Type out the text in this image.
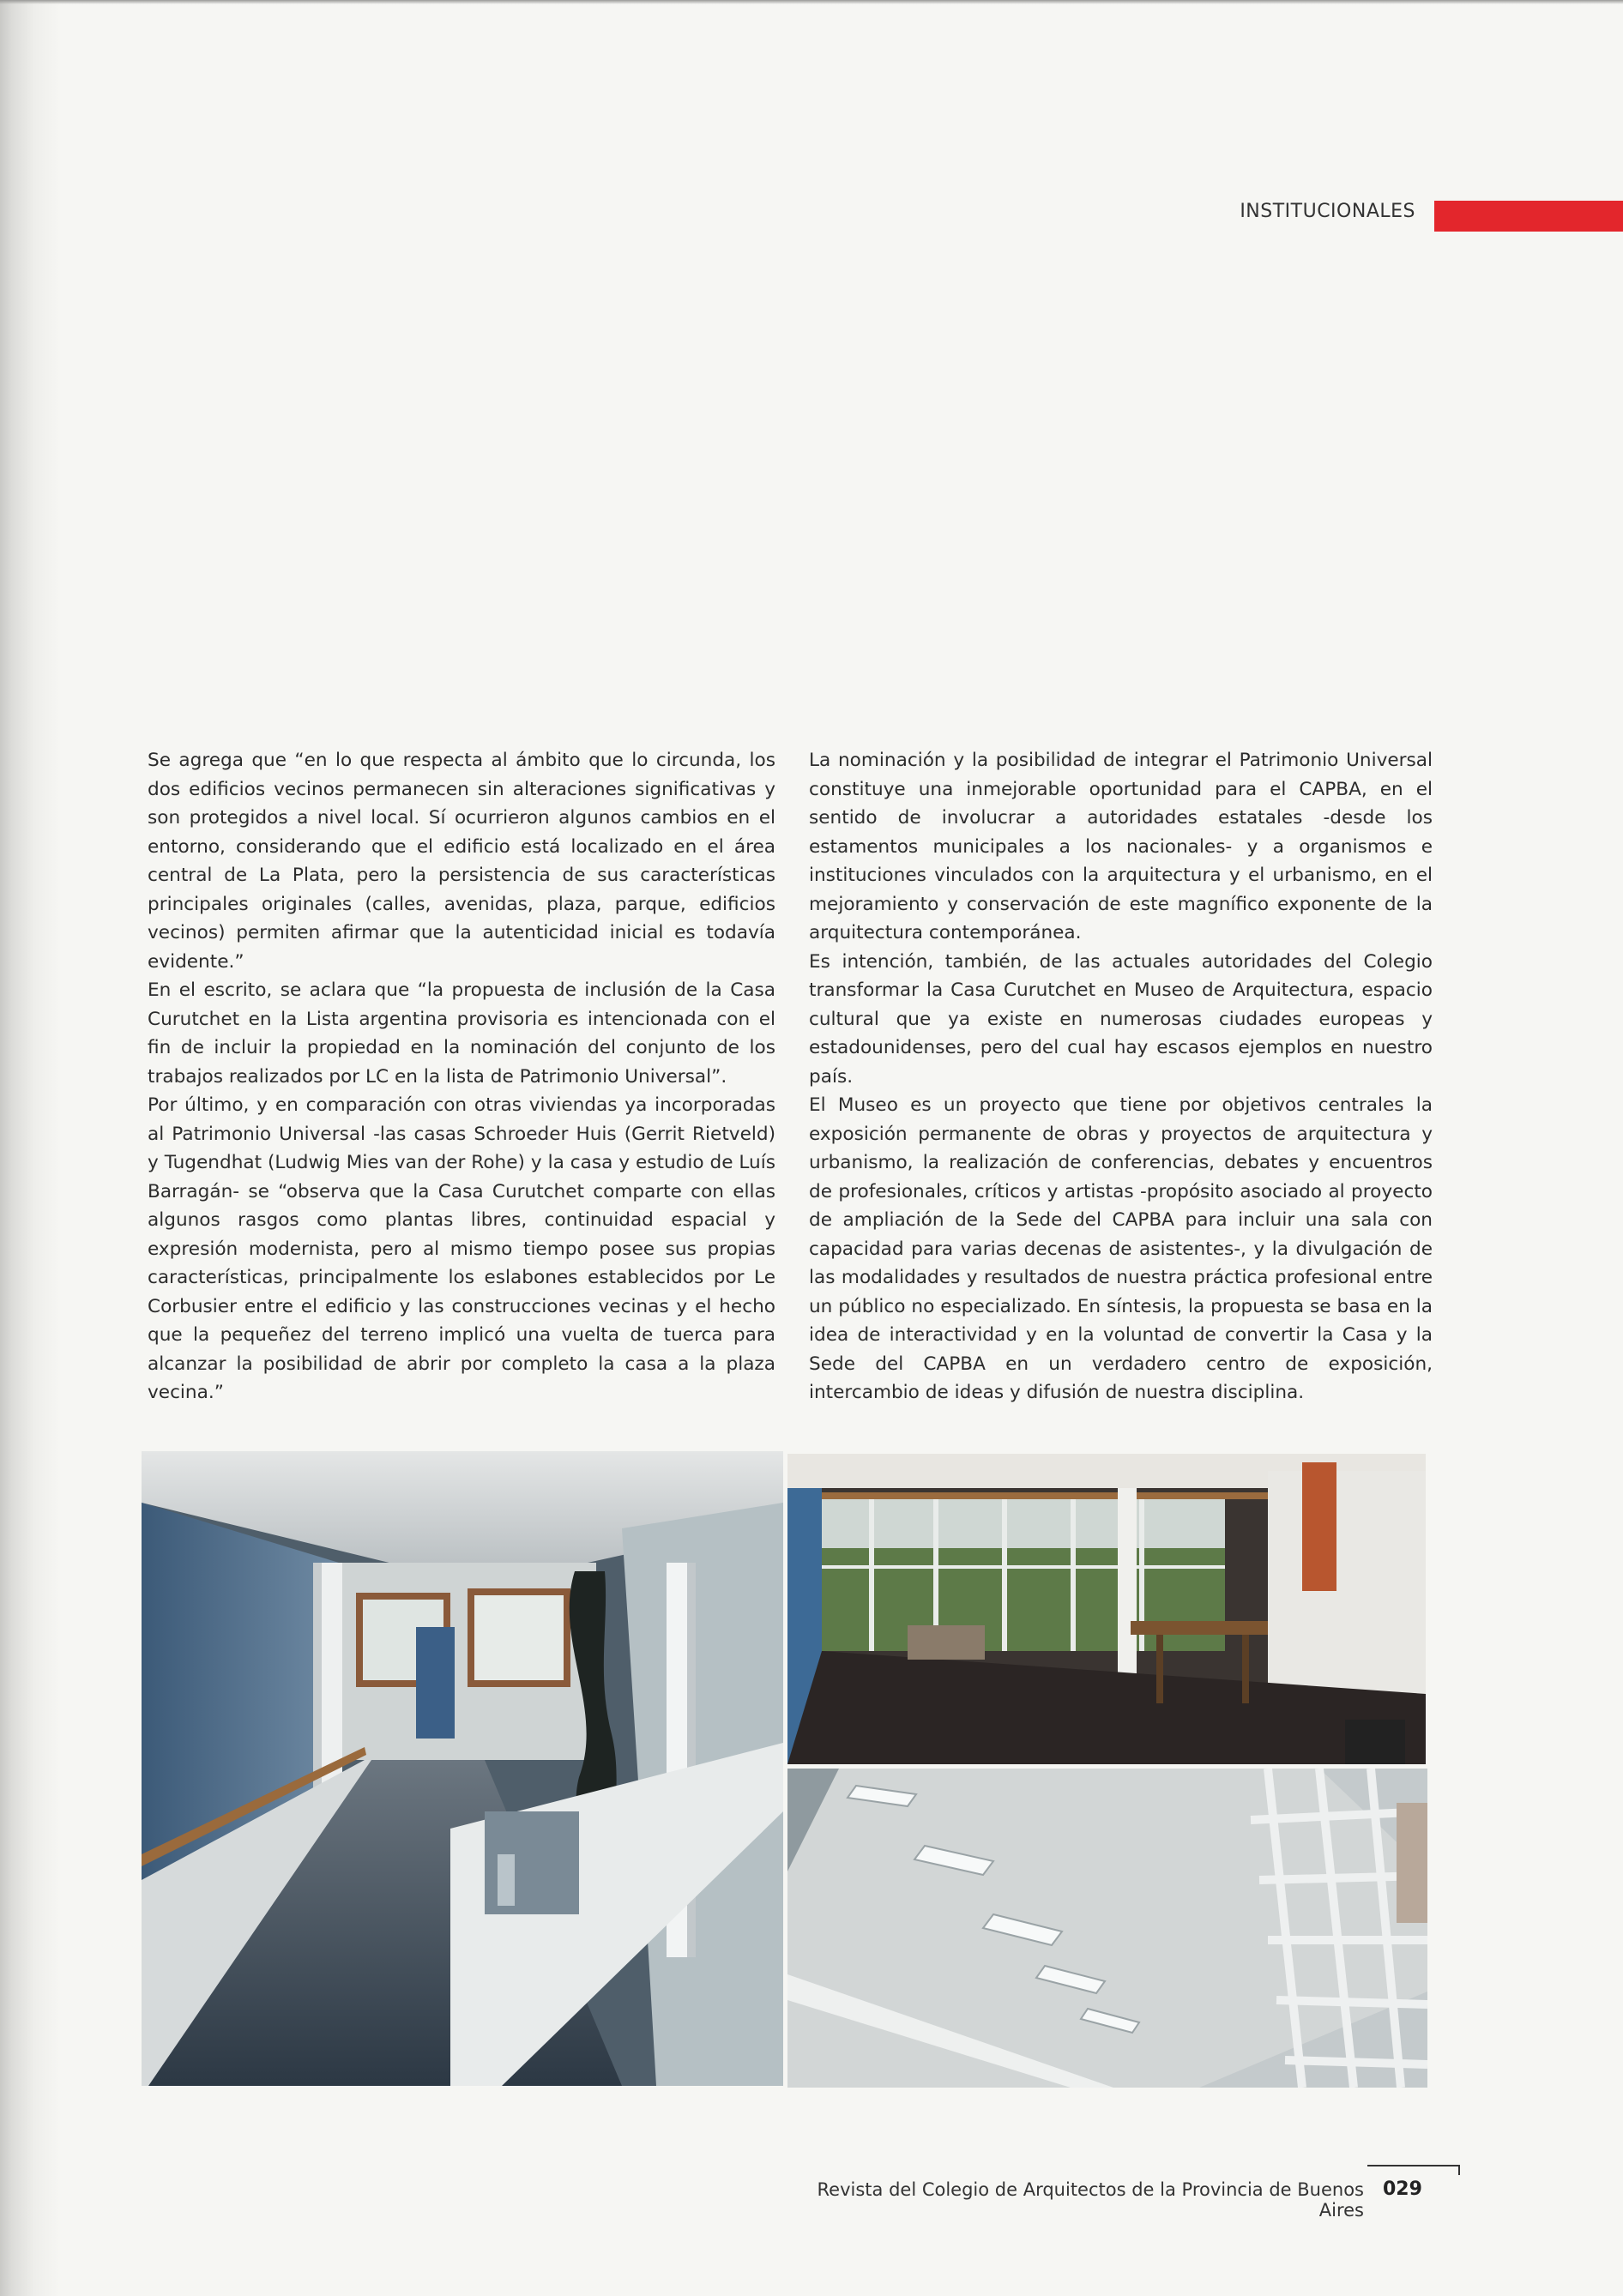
INSTITUCIONALES

Se agrega que “en lo que respecta al ámbito que lo circunda, los dos edificios vecinos permanecen sin alteraciones significativas y son protegidos a nivel local. Sí ocurrieron algunos cambios en el entorno, considerando que el edificio está localizado en el área central de La Plata, pero la persistencia de sus características principales originales (calles, avenidas, plaza, parque, edificios vecinos) permiten afirmar que la autenticidad inicial es todavía evidente.”

En el escrito, se aclara que “la propuesta de inclusión de la Casa Curutchet en la Lista argentina provisoria es intencionada con el fin de incluir la propiedad en la nominación del conjunto de los trabajos realizados por LC en la lista de Patrimonio Universal”.

Por último, y en comparación con otras viviendas ya incorporadas al Patrimonio Universal -las casas Schroeder Huis (Gerrit Rietveld) y Tugendhat (Ludwig Mies van der Rohe) y la casa y estudio de Luís Barragán- se “observa que la Casa Curutchet comparte con ellas algunos rasgos como plantas libres, continuidad espacial y expresión modernista, pero al mismo tiempo posee sus propias características, principalmente los eslabones establecidos por Le Corbusier entre el edificio y las construcciones vecinas y el hecho que la pequeñez del terreno implicó una vuelta de tuerca para alcanzar la posibilidad de abrir por completo la casa a la plaza vecina.”

La nominación y la posibilidad de integrar el Patrimonio Universal constituye una inmejorable oportunidad para el CAPBA, en el sentido de involucrar a autoridades estatales -desde los estamentos municipales a los nacionales- y a organismos e instituciones vinculados con la arquitectura y el urbanismo, en el mejoramiento y conservación de este magnífico exponente de la arquitectura contemporánea.

Es intención, también, de las actuales autoridades del Colegio transformar la Casa Curutchet en Museo de Arquitectura, espacio cultural que ya existe en numerosas ciudades europeas y estadounidenses, pero del cual hay escasos ejemplos en nuestro país.

El Museo es un proyecto que tiene por objetivos centrales la exposición permanente de obras y proyectos de arquitectura y urbanismo, la realización de conferencias, debates y encuentros de profesionales, críticos y artistas -propósito asociado al proyecto de ampliación de la Sede del CAPBA para incluir una sala con capacidad para varias decenas de asistentes-, y la divulgación de las modalidades y resultados de nuestra práctica profesional entre un público no especializado. En síntesis, la propuesta se basa en la idea de interactividad y en la voluntad de convertir la Casa y la Sede del CAPBA en un verdadero centro de exposición, intercambio de ideas y difusión de nuestra disciplina.

Revista del Colegio de Arquitectos de la Provincia de Buenos Aires
029
